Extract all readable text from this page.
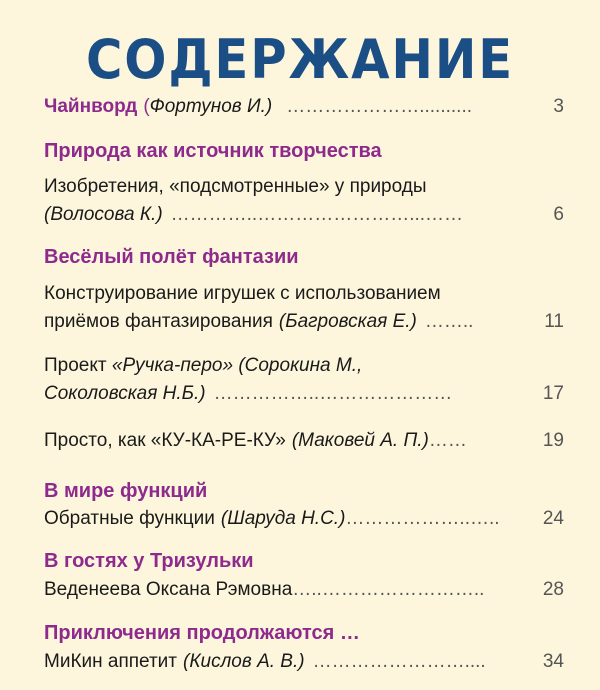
СОДЕРЖАНИЕ
Чайнворд ( Фортунов И. ) …………………..........	3
Природа как источник творчества
Изобретения, «подсмотренные» у природы
(Волосова К.) …………..……………………...……	6
Весёлый полёт фантазии
Конструирование игрушек с использованием
приёмов фантазирования (Багровская Е.) ……..	11
Проект «Ручка-перо» (Сорокина М.,
Соколовская Н.Б.) ……………..…………………	17
Просто, как «КУ-КА-РЕ-КУ» (Маковей А. П.) ……	19
В мире функций
Обратные функции (Шаруда Н.С.) ………………..…..	24
В гостях у Тризульки
Веденеева Оксана Рэмовна …..……………………..	28
Приключения продолжаются …
МиКин аппетит (Кислов А. В.) ……………………....	34
